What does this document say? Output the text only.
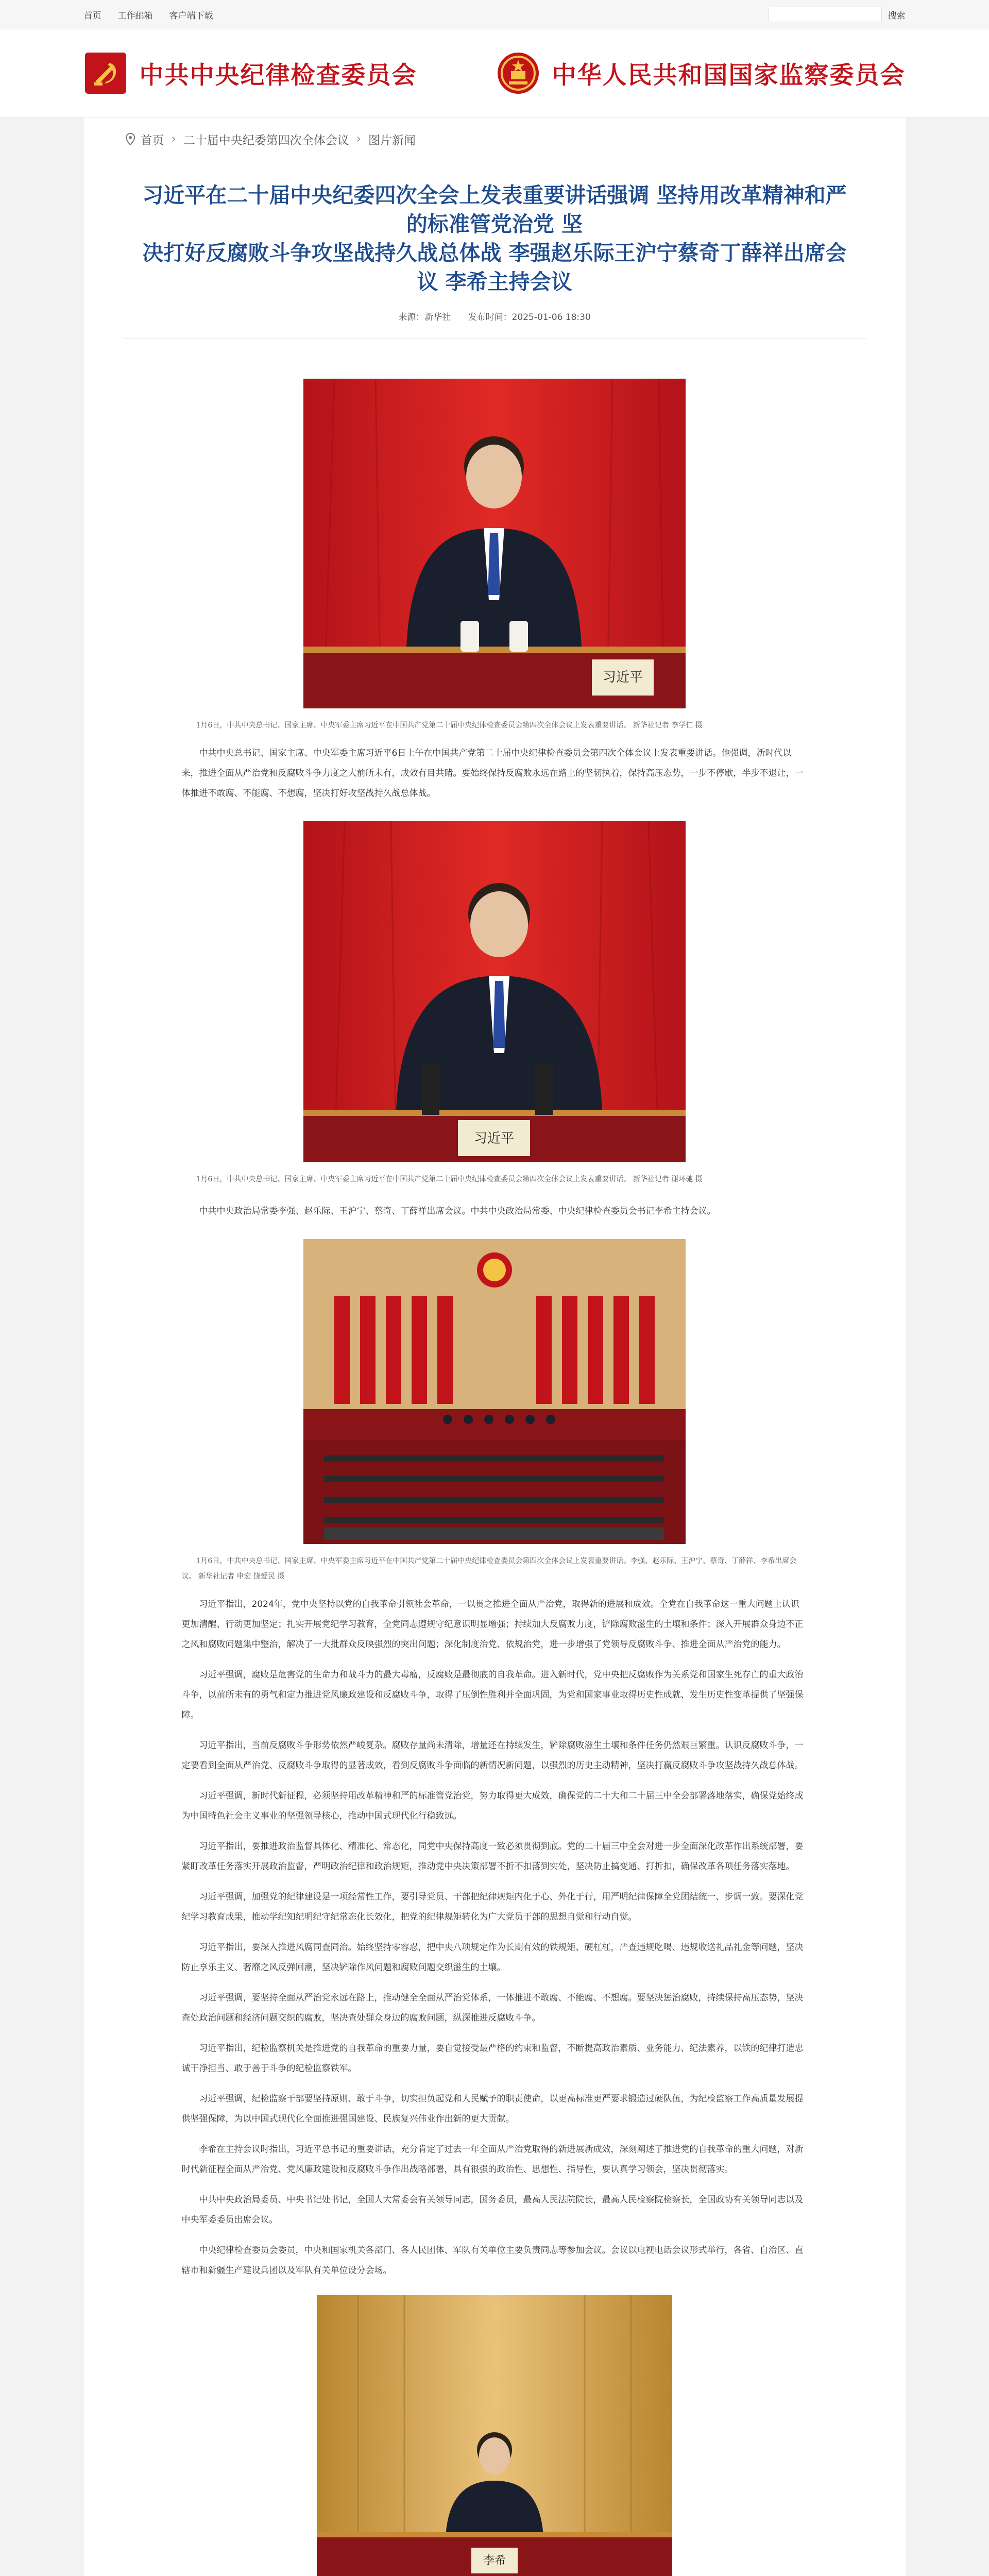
首页 工作邮箱 客户端下载	搜索
中共中央纪律检查委员会	中华人民共和国国家监察委员会
首页 › 二十届中央纪委第四次全体会议 › 图片新闻
习近平在二十届中央纪委四次全会上发表重要讲话强调 坚持用改革精神和严的标准管党治党 坚
决打好反腐败斗争攻坚战持久战总体战 李强赵乐际王沪宁蔡奇丁薛祥出席会议 李希主持会议
来源：新华社 发布时间：2025-01-06 18:30
习近平

1月6日，中共中央总书记、国家主席、中央军委主席习近平在中国共产党第二十届中央纪律检查委员会第四次全体会议上发表重要讲话。 新华社记者 李学仁 摄

中共中央总书记、国家主席、中央军委主席习近平6日上午在中国共产党第二十届中央纪律检查委员会第四次全体会议上发表重要讲话。他强调，新时代以来，推进全面从严治党和反腐败斗争力度之大前所未有，成效有目共睹。要始终保持反腐败永远在路上的坚韧执着，保持高压态势，一步不停歇，半步不退让，一体推进不敢腐、不能腐、不想腐，坚决打好攻坚战持久战总体战。

习近平

1月6日，中共中央总书记、国家主席、中央军委主席习近平在中国共产党第二十届中央纪律检查委员会第四次全体会议上发表重要讲话。 新华社记者 谢环驰 摄

中共中央政治局常委李强、赵乐际、王沪宁、蔡奇、丁薛祥出席会议。中共中央政治局常委、中央纪律检查委员会书记李希主持会议。

1月6日，中共中央总书记、国家主席、中央军委主席习近平在中国共产党第二十届中央纪律检查委员会第四次全体会议上发表重要讲话。李强、赵乐际、王沪宁、蔡奇、丁薛祥、李希出席会议。 新华社记者 申宏 饶爱民 摄

习近平指出，2024年，党中央坚持以党的自我革命引领社会革命，一以贯之推进全面从严治党，取得新的进展和成效。全党在自我革命这一重大问题上认识更加清醒、行动更加坚定；扎实开展党纪学习教育，全党同志遵规守纪意识明显增强；持续加大反腐败力度，铲除腐败滋生的土壤和条件；深入开展群众身边不正之风和腐败问题集中整治，解决了一大批群众反映强烈的突出问题；深化制度治党、依规治党，进一步增强了党领导反腐败斗争、推进全面从严治党的能力。

习近平强调，腐败是危害党的生命力和战斗力的最大毒瘤，反腐败是最彻底的自我革命。进入新时代，党中央把反腐败作为关系党和国家生死存亡的重大政治斗争，以前所未有的勇气和定力推进党风廉政建设和反腐败斗争，取得了压倒性胜利并全面巩固，为党和国家事业取得历史性成就、发生历史性变革提供了坚强保障。

习近平指出，当前反腐败斗争形势依然严峻复杂。腐败存量尚未清除，增量还在持续发生，铲除腐败滋生土壤和条件任务仍然艰巨繁重。认识反腐败斗争，一定要看到全面从严治党、反腐败斗争取得的显著成效，看到反腐败斗争面临的新情况新问题，以强烈的历史主动精神，坚决打赢反腐败斗争攻坚战持久战总体战。

习近平强调，新时代新征程，必须坚持用改革精神和严的标准管党治党，努力取得更大成效，确保党的二十大和二十届三中全会部署落地落实，确保党始终成为中国特色社会主义事业的坚强领导核心，推动中国式现代化行稳致远。

习近平指出，要推进政治监督具体化、精准化、常态化，同党中央保持高度一致必须贯彻到底。党的二十届三中全会对进一步全面深化改革作出系统部署，要紧盯改革任务落实开展政治监督，严明政治纪律和政治规矩，推动党中央决策部署不折不扣落到实处，坚决防止搞变通、打折扣，确保改革各项任务落实落地。

习近平强调，加强党的纪律建设是一项经常性工作，要引导党员、干部把纪律规矩内化于心、外化于行，用严明纪律保障全党团结统一、步调一致。要深化党纪学习教育成果，推动学纪知纪明纪守纪常态化长效化，把党的纪律规矩转化为广大党员干部的思想自觉和行动自觉。

习近平指出，要深入推进风腐同查同治。始终坚持零容忍，把中央八项规定作为长期有效的铁规矩、硬杠杠，严查违规吃喝、违规收送礼品礼金等问题，坚决防止享乐主义、奢靡之风反弹回潮，坚决铲除作风问题和腐败问题交织滋生的土壤。

习近平强调，要坚持全面从严治党永远在路上，推动健全全面从严治党体系，一体推进不敢腐、不能腐、不想腐。要坚决惩治腐败，持续保持高压态势，坚决查处政治问题和经济问题交织的腐败，坚决查处群众身边的腐败问题，纵深推进反腐败斗争。

习近平指出，纪检监察机关是推进党的自我革命的重要力量，要自觉接受最严格的约束和监督，不断提高政治素质、业务能力、纪法素养，以铁的纪律打造忠诚干净担当、敢于善于斗争的纪检监察铁军。

习近平强调，纪检监察干部要坚持原则、敢于斗争，切实担负起党和人民赋予的职责使命，以更高标准更严要求锻造过硬队伍，为纪检监察工作高质量发展提供坚强保障，为以中国式现代化全面推进强国建设、民族复兴伟业作出新的更大贡献。

李希在主持会议时指出，习近平总书记的重要讲话，充分肯定了过去一年全面从严治党取得的新进展新成效，深刻阐述了推进党的自我革命的重大问题，对新时代新征程全面从严治党、党风廉政建设和反腐败斗争作出战略部署，具有很强的政治性、思想性、指导性，要认真学习领会，坚决贯彻落实。

中共中央政治局委员、中央书记处书记，全国人大常委会有关领导同志，国务委员，最高人民法院院长，最高人民检察院检察长，全国政协有关领导同志以及中央军委委员出席会议。

中央纪律检查委员会委员，中央和国家机关各部门、各人民团体、军队有关单位主要负责同志等参加会议。会议以电视电话会议形式举行，各省、自治区、直辖市和新疆生产建设兵团以及军队有关单位设分会场。

李希
